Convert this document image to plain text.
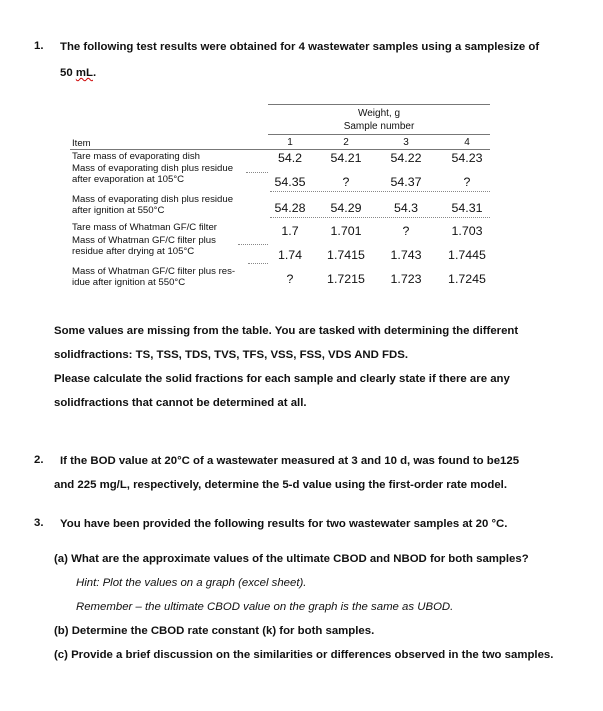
1. The following test results were obtained for 4 wastewater samples using a samplesize of
50 mL.
Weight, g
Sample number
Item	1	2	3	4
Tare mass of evaporating dish	54.2	54.21	54.22	54.23
Mass of evaporating dish plus residue
after evaporation at 105°C	54.35	?	54.37	?
Mass of evaporating dish plus residue
after ignition at 550°C	54.28	54.29	54.3	54.31
Tare mass of Whatman GF/C filter	1.7	1.701	?	1.703
Mass of Whatman GF/C filter plus
residue after drying at 105°C	1.74	1.7415	1.743	1.7445
Mass of Whatman GF/C filter plus res-
idue after ignition at 550°C	?	1.7215	1.723	1.7245
Some values are missing from the table. You are tasked with determining the different
solidfractions: TS, TSS, TDS, TVS, TFS, VSS, FSS, VDS AND FDS.
Please calculate the solid fractions for each sample and clearly state if there are any
solidfractions that cannot be determined at all.
2. If the BOD value at 20°C of a wastewater measured at 3 and 10 d, was found to be125
and 225 mg/L, respectively, determine the 5-d value using the first-order rate model.
3. You have been provided the following results for two wastewater samples at 20 °C.
(a) What are the approximate values of the ultimate CBOD and NBOD for both samples?
Hint: Plot the values on a graph (excel sheet).
Remember – the ultimate CBOD value on the graph is the same as UBOD.
(b) Determine the CBOD rate constant (k) for both samples.
(c) Provide a brief discussion on the similarities or differences observed in the two samples.
